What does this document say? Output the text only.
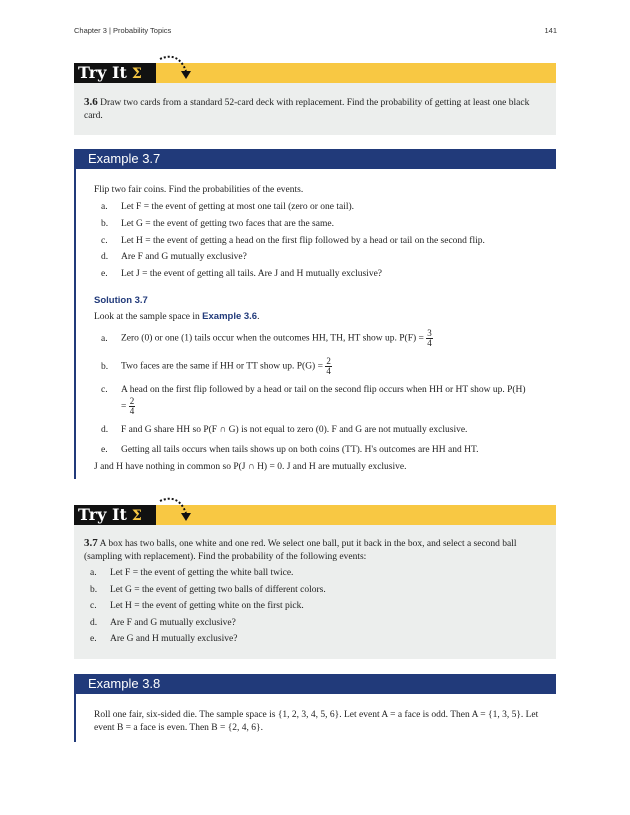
Chapter 3 | Probability Topics	141
Try It Σ

3.6 Draw two cards from a standard 52-card deck with replacement. Find the probability of getting at least one black card.

Example 3.7

Flip two fair coins. Find the probabilities of the events.

a. Let F = the event of getting at most one tail (zero or one tail).
b. Let G = the event of getting two faces that are the same.
c. Let H = the event of getting a head on the first flip followed by a head or tail on the second flip.
d. Are F and G mutually exclusive?
e. Let J = the event of getting all tails. Are J and H mutually exclusive?
Solution 3.7

Look at the sample space in Example 3.6.

a. Zero (0) or one (1) tails occur when the outcomes HH, TH, HT show up. $P(F) = \frac{3}{4}$
b. Two faces are the same if HH or TT show up. $P(G) = \frac{2}{4}$
c. A head on the first flip followed by a head or tail on the second flip occurs when HH or HT show up. P(H)
= $\frac{2}{4}$
d. F and G share HH so P(F ∩ G) is not equal to zero (0). F and G are not mutually exclusive.
e. Getting all tails occurs when tails shows up on both coins (TT). H's outcomes are HH and HT.

J and H have nothing in common so P(J ∩ H) = 0. J and H are mutually exclusive.

Try It Σ

3.7 A box has two balls, one white and one red. We select one ball, put it back in the box, and select a second ball (sampling with replacement). Find the probability of the following events:

a. Let F = the event of getting the white ball twice.
b. Let G = the event of getting two balls of different colors.
c. Let H = the event of getting white on the first pick.
d. Are F and G mutually exclusive?
e. Are G and H mutually exclusive?
Example 3.8

Roll one fair, six-sided die. The sample space is {1, 2, 3, 4, 5, 6}. Let event A = a face is odd. Then A = {1, 3, 5}. Let event B = a face is even. Then B = {2, 4, 6}.
